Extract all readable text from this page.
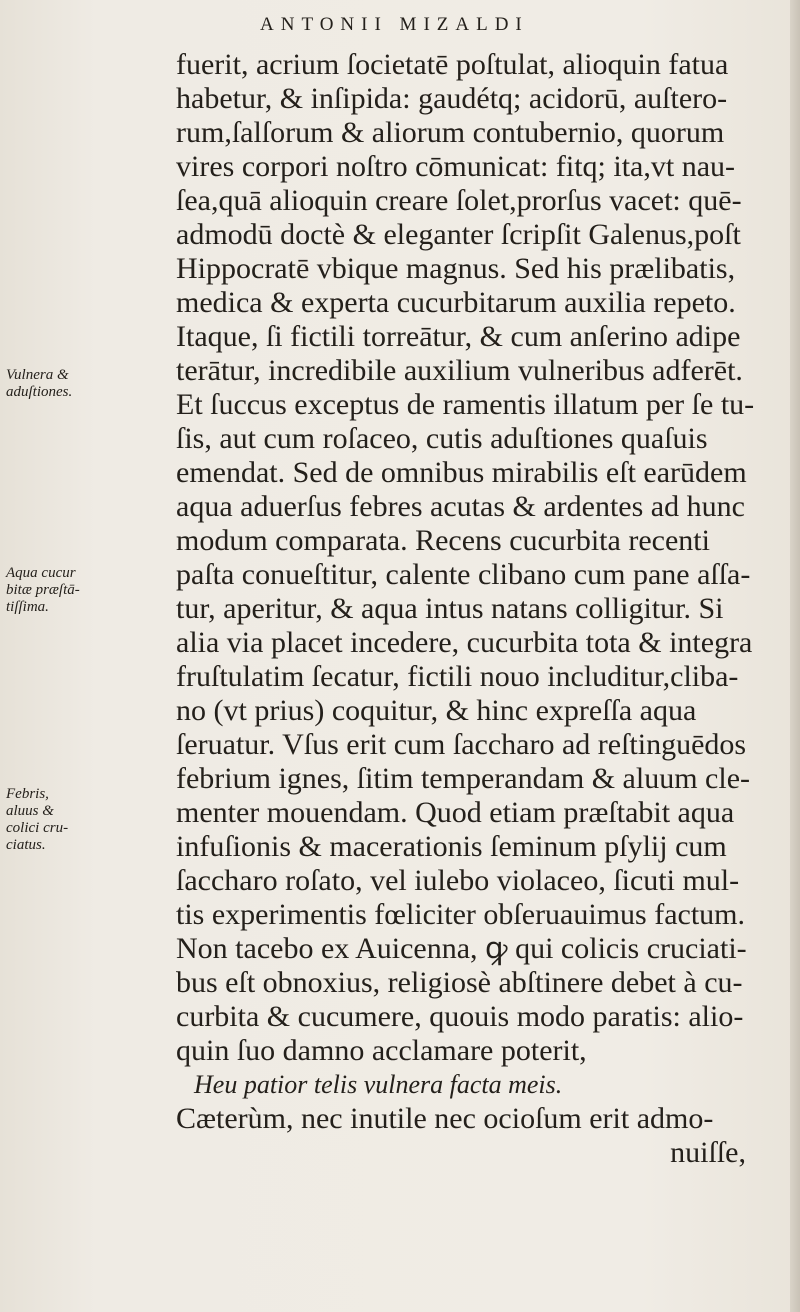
ANTONII MIZALDI
Vulnera &
aduſtiones.
Aqua cucur
bitæ præſtā-
tiſſima.
Febris,
aluus &
colici cru-
ciatus.
fuerit, acrium ſocietatē poſtulat, alioquin fatua
habetur, & inſipida: gaudétq; acidorū, auſtero-
rum,ſalſorum & aliorum contubernio, quorum
vires corpori noſtro cōmunicat: fitq; ita,vt nau-
ſea,quā alioquin creare ſolet,prorſus vacet: quē-
admodū doctè & eleganter ſcripſit Galenus,poſt
Hippocratē vbique magnus. Sed his prælibatis,
medica & experta cucurbitarum auxilia repeto.
Itaque, ſi fictili torreātur, & cum anſerino adipe
terātur, incredibile auxilium vulneribus adferēt.
Et ſuccus exceptus de ramentis illatum per ſe tu-
ſis, aut cum roſaceo, cutis aduſtiones quaſuis
emendat. Sed de omnibus mirabilis eſt earūdem
aqua aduerſus febres acutas & ardentes ad hunc
modum comparata. Recens cucurbita recenti
paſta conueſtitur, calente clibano cum pane aſſa-
tur, aperitur, & aqua intus natans colligitur. Si
alia via placet incedere, cucurbita tota & integra
fruſtulatim ſecatur, fictili nouo includitur,cliba-
no (vt prius) coquitur, & hinc expreſſa aqua
ſeruatur. Vſus erit cum ſaccharo ad reſtinguēdos
febrium ignes, ſitim temperandam & aluum cle-
menter mouendam. Quod etiam præſtabit aqua
infuſionis & macerationis ſeminum pſylij cum
ſaccharo roſato, vel iulebo violaceo, ſicuti mul-
tis experimentis fœliciter obſeruauimus factum.
Non tacebo ex Auicenna, ꝙ qui colicis cruciati-
bus eſt obnoxius, religiosè abſtinere debet à cu-
curbita & cucumere, quouis modo paratis: alio-
quin ſuo damno acclamare poterit,
Heu patior telis vulnera facta meis.
Cæterùm, nec inutile nec ocioſum erit admo-
nuiſſe,
